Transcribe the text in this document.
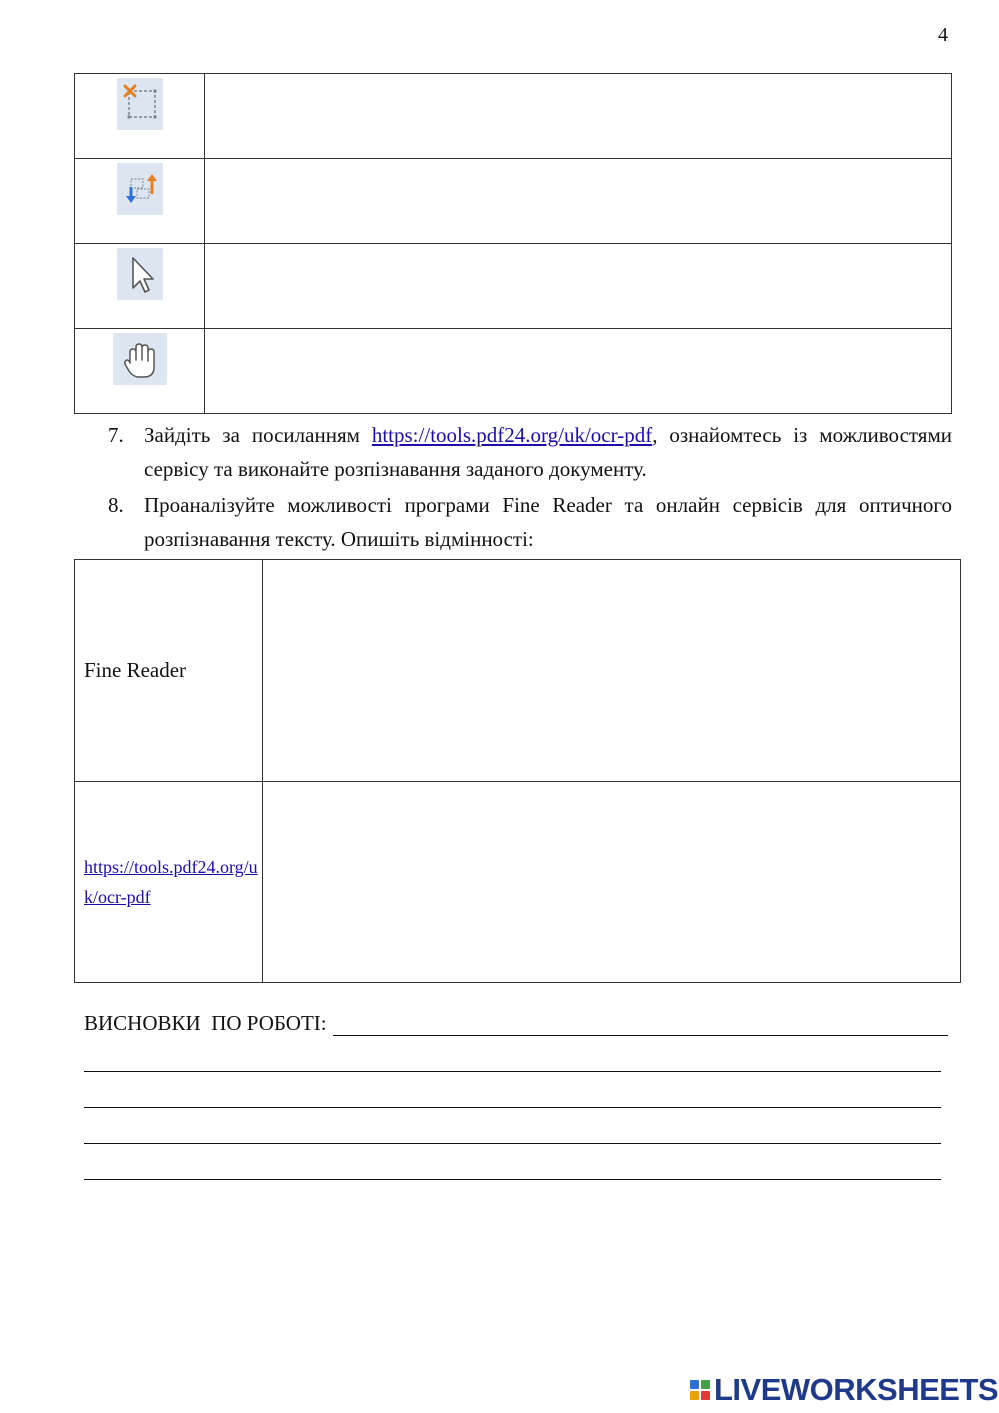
4

7. Зайдіть за посиланням https://tools.pdf24.org/uk/ocr-pdf, ознайомтесь із можливостями сервісу та виконайте розпізнавання заданого документу.
8. Проаналізуйте можливості програми Fine Reader та онлайн сервісів для оптичного розпізнавання тексту. Опишіть відмінності:
Fine Reader	
https://tools.pdf24.org/uk/ocr-pdf	
ВИСНОВКИ  ПО РОБОТІ:
LIVEWORKSHEETS
